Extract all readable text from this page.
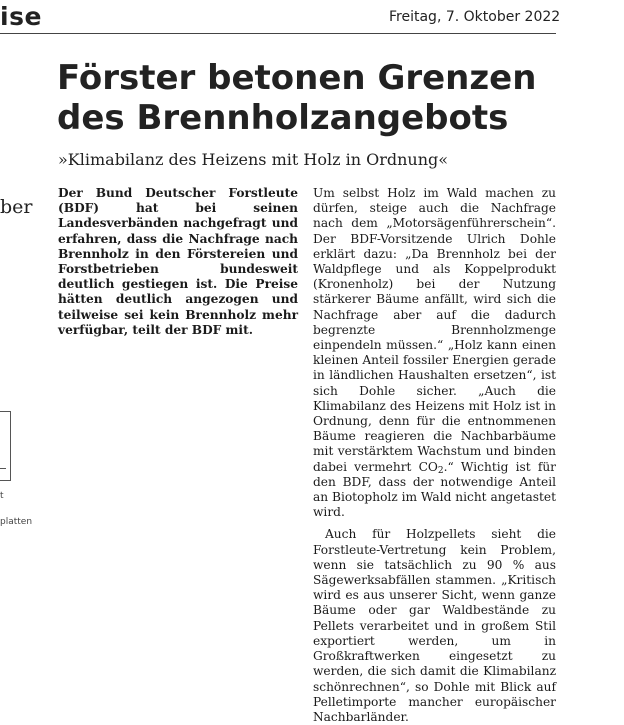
ise	Freitag, 7. Oktober 2022
Förster betonen Grenzen
des Brennholzangebots
»Klimabilanz des Heizens mit Holz in Ordnung«
ber
t
platten

Der Bund Deutscher Forstleute (BDF) hat bei seinen Landesverbänden nachgefragt und erfahren, dass die Nachfrage nach Brennholz in den Förstereien und Forstbetrieben bundesweit deutlich gestiegen ist. Die Preise hätten deutlich angezogen und teilweise sei kein Brennholz mehr verfügbar, teilt der BDF mit.

Um selbst Holz im Wald machen zu dürfen, steige auch die Nachfrage nach dem „Motorsägenführerschein“. Der BDF-Vorsitzende Ulrich Dohle erklärt dazu: „Da Brennholz bei der Waldpflege und als Koppelprodukt (Kronenholz) bei der Nutzung stärkerer Bäume anfällt, wird sich die Nachfrage aber auf die dadurch begrenzte Brennholzmenge einpendeln müssen.“ „Holz kann einen kleinen Anteil fossiler Energien gerade in ländlichen Haushalten ersetzen“, ist sich Dohle sicher. „Auch die Klimabilanz des Heizens mit Holz ist in Ordnung, denn für die entnommenen Bäume reagieren die Nachbarbäume mit verstärktem Wachstum und binden dabei vermehrt CO2.“ Wichtig ist für den BDF, dass der notwendige Anteil an Biotopholz im Wald nicht angetastet wird.

Auch für Holzpellets sieht die Forstleute-Vertretung kein Problem, wenn sie tatsächlich zu 90 % aus Sägewerksabfällen stammen. „Kritisch wird es aus unserer Sicht, wenn ganze Bäume oder gar Waldbestände zu Pellets verarbeitet und in großem Stil exportiert werden, um in Großkraftwerken eingesetzt zu werden, die sich damit die Klimabilanz schönrechnen“, so Dohle mit Blick auf Pelletimporte mancher europäischer Nachbarländer.
